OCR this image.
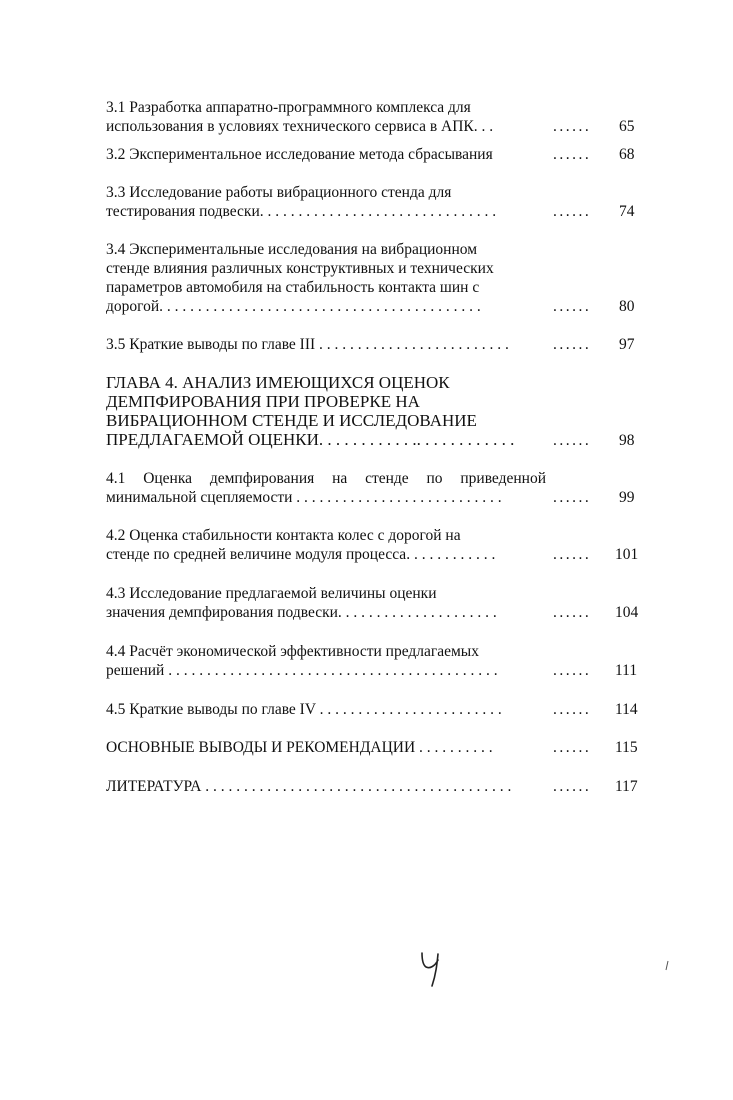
3.1 Разработка аппаратно-программного комплекса для
использования в условиях технического сервиса в АПК. . .	...... 65
3.2 Экспериментальное исследование метода сбрасывания	...... 68
3.3 Исследование работы вибрационного стенда для
тестирования подвески. . . . . . . . . . . . . . . . . . . . . . . . . . . . . . .	...... 74
3.4 Экспериментальные исследования на вибрационном
стенде влияния различных конструктивных и технических
параметров автомобиля на стабильность контакта шин с
дорогой. . . . . . . . . . . . . . . . . . . . . . . . . . . . . . . . . . . . . . . . . .	...... 80
3.5 Краткие выводы по главе III . . . . . . . . . . . . . . . . . . . . . . . . .	...... 97
ГЛАВА 4. АНАЛИЗ ИМЕЮЩИХСЯ ОЦЕНОК
ДЕМПФИРОВАНИЯ ПРИ ПРОВЕРКЕ НА
ВИБРАЦИОННОМ СТЕНДЕ И ИССЛЕДОВАНИЕ
ПРЕДЛАГАЕМОЙ ОЦЕНКИ. . . . . . . . . . . .. . . . . . . . . . . .	...... 98
4.1 Оценка демпфирования на стенде по приведенной
минимальной сцепляемости . . . . . . . . . . . . . . . . . . . . . . . . . . .	...... 99
4.2 Оценка стабильности контакта колес с дорогой на
стенде по средней величине модуля процесса. . . . . . . . . . . .	...... 101
4.3 Исследование предлагаемой величины оценки
значения демпфирования подвески. . . . . . . . . . . . . . . . . . . . .	...... 104
4.4 Расчёт экономической эффективности предлагаемых
решений . . . . . . . . . . . . . . . . . . . . . . . . . . . . . . . . . . . . . . . . . . .	...... 111
4.5 Краткие выводы по главе IV . . . . . . . . . . . . . . . . . . . . . . . .	...... 114
ОСНОВНЫЕ ВЫВОДЫ И РЕКОМЕНДАЦИИ . . . . . . . . . .	...... 115
ЛИТЕРАТУРА . . . . . . . . . . . . . . . . . . . . . . . . . . . . . . . . . . . . . . . .	...... 117
